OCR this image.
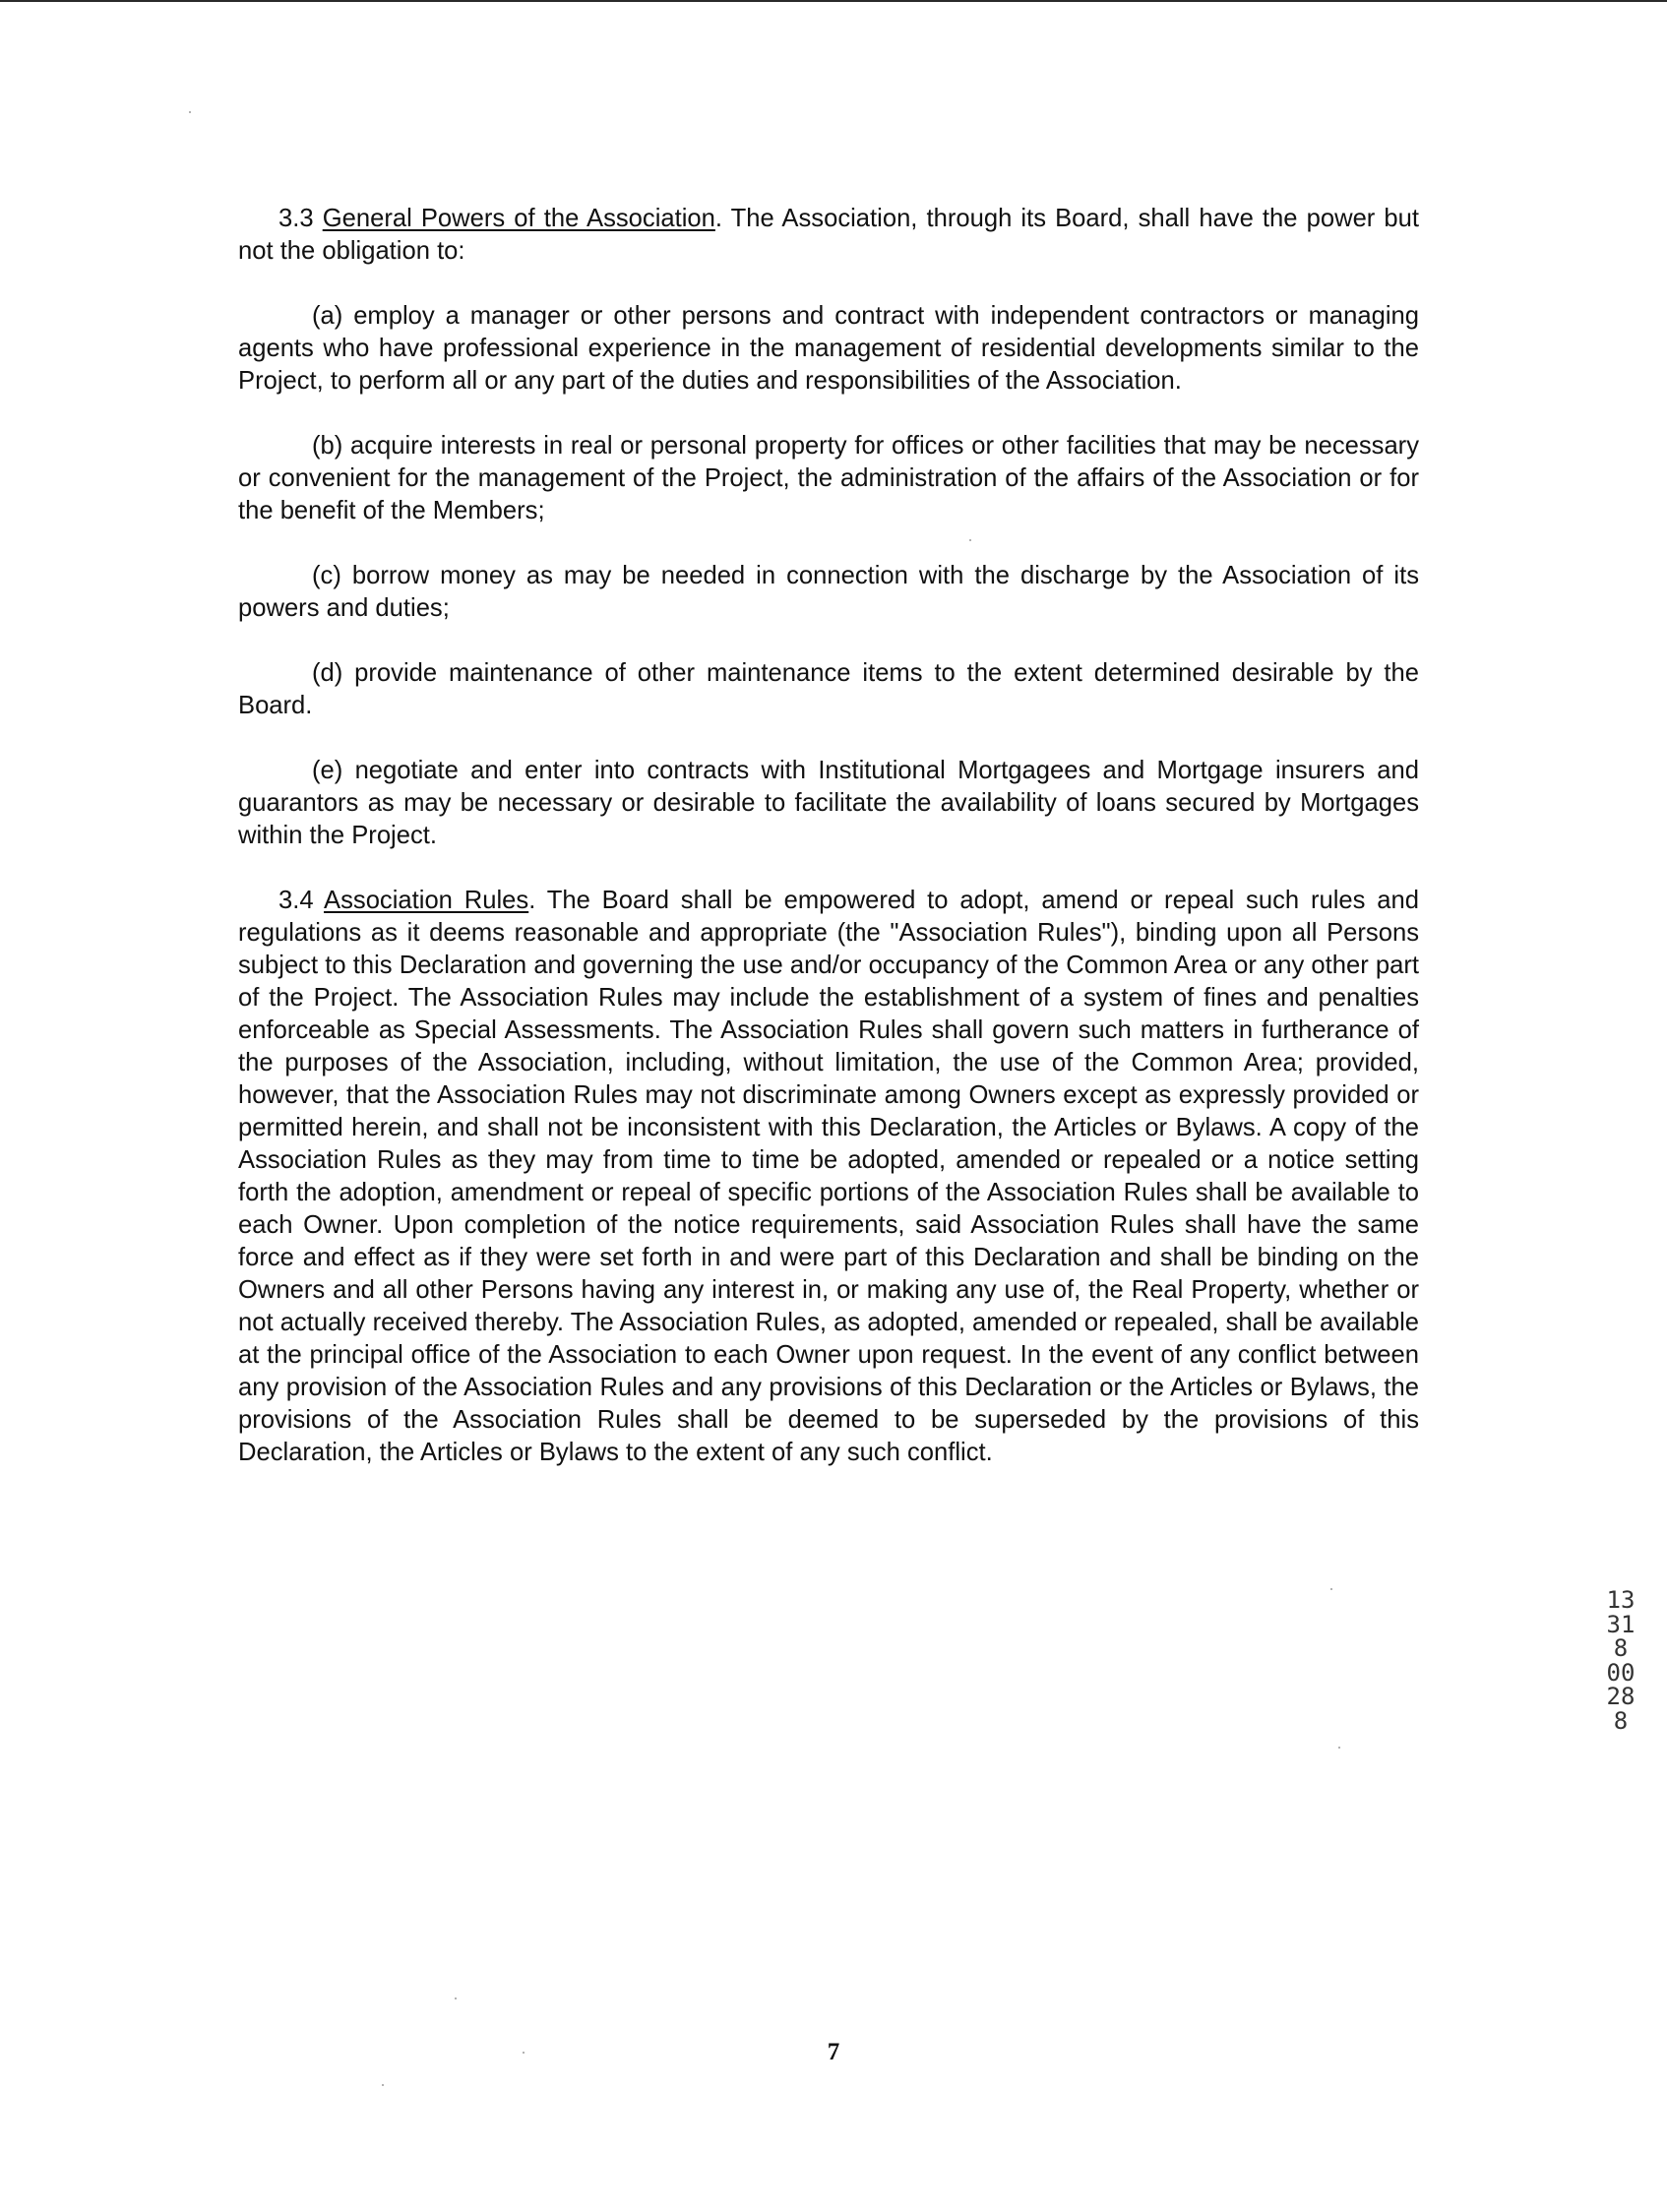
3.3 General Powers of the Association. The Association, through its Board, shall have the power but not the obligation to:

(a) employ a manager or other persons and contract with independent contractors or managing agents who have professional experience in the management of residential developments similar to the Project, to perform all or any part of the duties and responsibilities of the Association.

(b) acquire interests in real or personal property for offices or other facilities that may be necessary or convenient for the management of the Project, the administration of the affairs of the Association or for the benefit of the Members;

(c) borrow money as may be needed in connection with the discharge by the Association of its powers and duties;

(d) provide maintenance of other maintenance items to the extent determined desirable by the Board.

(e) negotiate and enter into contracts with Institutional Mortgagees and Mortgage insurers and guarantors as may be necessary or desirable to facilitate the availability of loans secured by Mortgages within the Project.

3.4 Association Rules. The Board shall be empowered to adopt, amend or repeal such rules and regulations as it deems reasonable and appropriate (the "Association Rules"), binding upon all Persons subject to this Declaration and governing the use and/or occupancy of the Common Area or any other part of the Project. The Association Rules may include the establishment of a system of fines and penalties enforceable as Special Assessments. The Association Rules shall govern such matters in furtherance of the purposes of the Association, including, without limitation, the use of the Common Area; provided, however, that the Association Rules may not discriminate among Owners except as expressly provided or permitted herein, and shall not be inconsistent with this Declaration, the Articles or Bylaws. A copy of the Association Rules as they may from time to time be adopted, amended or repealed or a notice setting forth the adoption, amendment or repeal of specific portions of the Association Rules shall be available to each Owner. Upon completion of the notice requirements, said Association Rules shall have the same force and effect as if they were set forth in and were part of this Declaration and shall be binding on the Owners and all other Persons having any interest in, or making any use of, the Real Property, whether or not actually received thereby. The Association Rules, as adopted, amended or repealed, shall be available at the principal office of the Association to each Owner upon request. In the event of any conflict between any provision of the Association Rules and any provisions of this Declaration or the Articles or Bylaws, the provisions of the Association Rules shall be deemed to be superseded by the provisions of this Declaration, the Articles or Bylaws to the extent of any such conflict.

13318 00288
7
